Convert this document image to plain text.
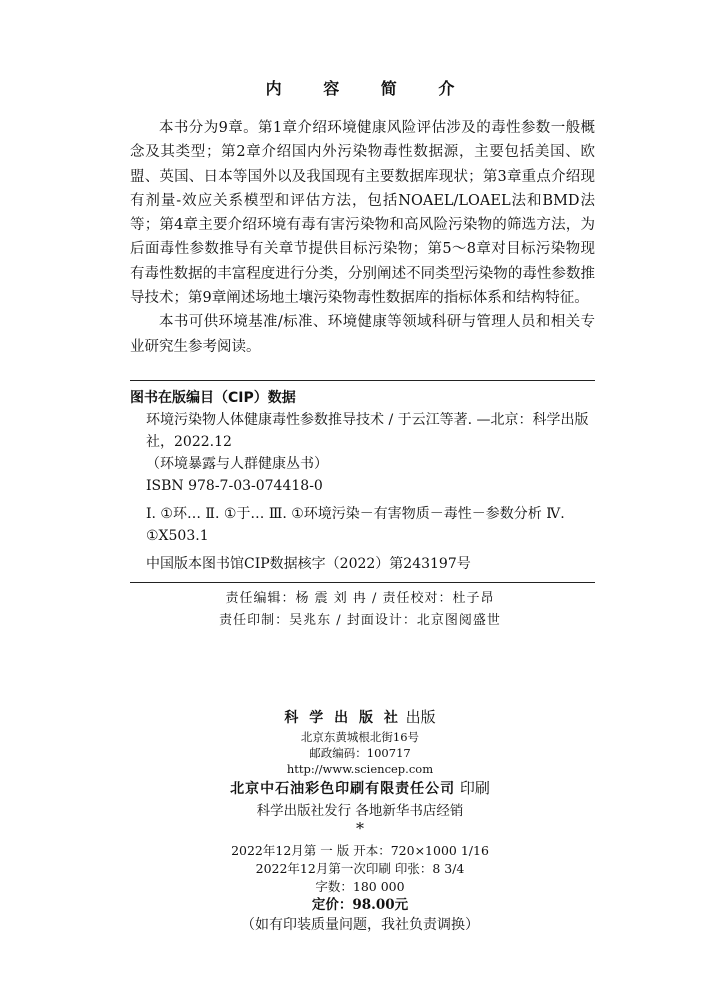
内 容 简 介

本书分为9章。第1章介绍环境健康风险评估涉及的毒性参数一般概念及其类型；第2章介绍国内外污染物毒性数据源，主要包括美国、欧盟、英国、日本等国外以及我国现有主要数据库现状；第3章重点介绍现有剂量-效应关系模型和评估方法，包括NOAEL/LOAEL法和BMD法等；第4章主要介绍环境有毒有害污染物和高风险污染物的筛选方法，为后面毒性参数推导有关章节提供目标污染物；第5～8章对目标污染物现有毒性数据的丰富程度进行分类，分别阐述不同类型污染物的毒性参数推导技术；第9章阐述场地土壤污染物毒性数据库的指标体系和结构特征。

本书可供环境基准/标准、环境健康等领域科研与管理人员和相关专业研究生参考阅读。

图书在版编目（CIP）数据
环境污染物人体健康毒性参数推导技术 / 于云江等著. —北京：科学出版社，2022.12
（环境暴露与人群健康丛书）
ISBN 978-7-03-074418-0
Ⅰ. ①环… Ⅱ. ①于… Ⅲ. ①环境污染－有害物质－毒性－参数分析 Ⅳ. ①X503.1
中国版本图书馆CIP数据核字（2022）第243197号
责任编辑：杨 震 刘 冉 / 责任校对：杜子昂
责任印制：吴兆东 / 封面设计：北京图阅盛世
科 学 出 版 社 出版
北京东黄城根北街16号
邮政编码：100717
http://www.sciencep.com
北京中石油彩色印刷有限责任公司 印刷
科学出版社发行 各地新华书店经销
*
2022年12月第 一 版 开本：720×1000 1/16
2022年12月第一次印刷 印张：8 3/4
字数：180 000
定价：98.00元
（如有印装质量问题，我社负责调换）
